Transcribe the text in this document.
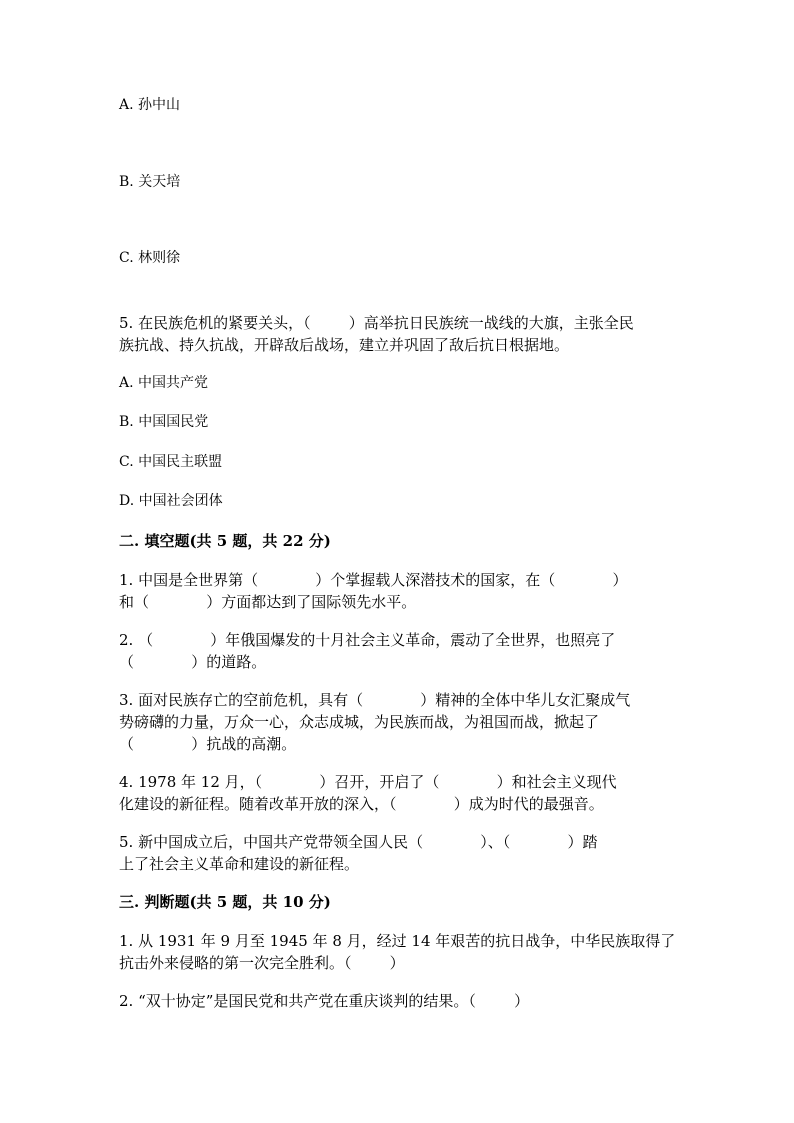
A. 孙中山
B. 关天培
C. 林则徐
5. 在民族危机的紧要关头，（        ）高举抗日民族统一战线的大旗，主张全民
族抗战、持久抗战，开辟敌后战场，建立并巩固了敌后抗日根据地。
A. 中国共产党
B. 中国国民党
C. 中国民主联盟
D. 中国社会团体
二. 填空题(共 5 题，共 22 分)
1. 中国是全世界第（            ）个掌握载人深潜技术的国家，在（            ）
和（            ）方面都达到了国际领先水平。
2. （            ）年俄国爆发的十月社会主义革命，震动了全世界，也照亮了
（            ）的道路。
3. 面对民族存亡的空前危机，具有（            ）精神的全体中华儿女汇聚成气
势磅礴的力量，万众一心，众志成城，为民族而战，为祖国而战，掀起了
（            ）抗战的高潮。
4. 1978 年 12 月，（            ）召开，开启了（            ）和社会主义现代
化建设的新征程。随着改革开放的深入，（            ）成为时代的最强音。
5. 新中国成立后，中国共产党带领全国人民（            ）、（            ）踏
上了社会主义革命和建设的新征程。
三. 判断题(共 5 题，共 10 分)
1. 从 1931 年 9 月至 1945 年 8 月，经过 14 年艰苦的抗日战争，中华民族取得了
抗击外来侵略的第一次完全胜利。（        ）
2. “双十协定”是国民党和共产党在重庆谈判的结果。（        ）
